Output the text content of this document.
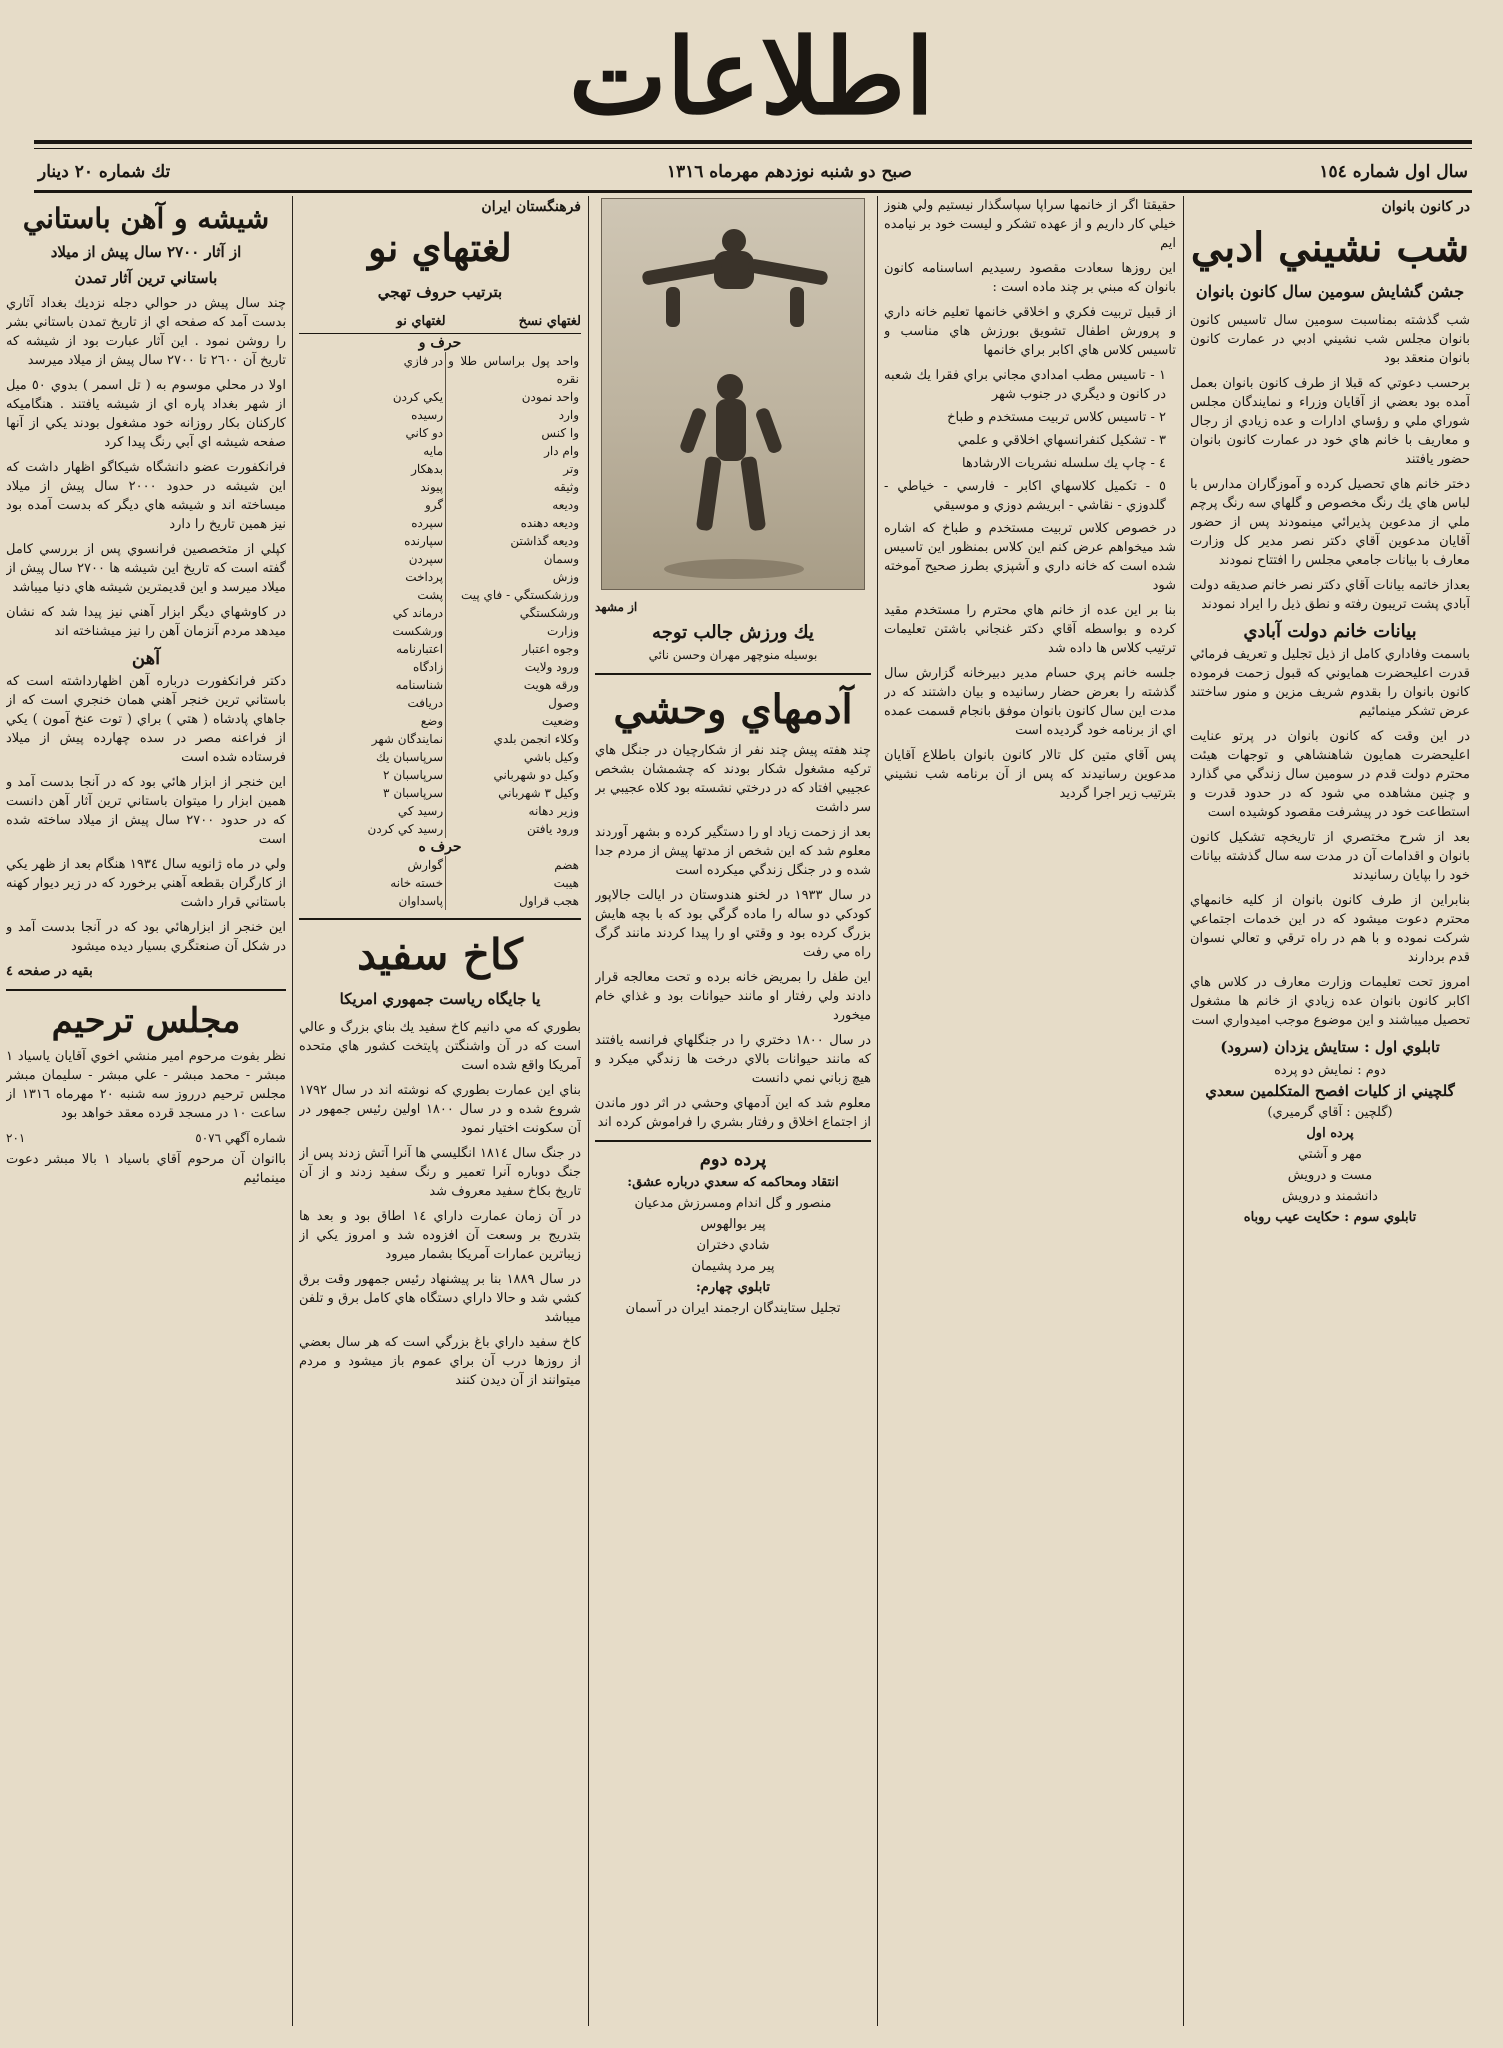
اطلاعات
سال اول شماره ١٥٤
صبح دو شنبه نوزدهم مهرماه ١٣١٦
تك شماره ٢٠ دينار
در كانون بانوان
شب نشيني ادبي
جشن گشايش سومين سال كانون بانوان

شب گذشته بمناسبت سومين سال تاسيس كانون بانوان مجلس شب نشيني ادبي در عمارت كانون بانوان منعقد بود

برحسب دعوتي كه قبلا از طرف كانون بانوان بعمل آمده بود بعضي از آقايان وزراء و نمايندگان مجلس شوراي ملي و رؤساي ادارات و عده زيادي از رجال و معاريف با خانم هاي خود در عمارت كانون بانوان حضور يافتند

دختر خانم هاي تحصيل كرده و آموزگاران مدارس با لباس هاي يك رنگ مخصوص و گلهاي سه رنگ پرچم ملي از مدعوين پذيرائي مينمودند پس از حضور آقايان مدعوين آقاي دكتر نصر مدير كل وزارت معارف با بيانات جامعي مجلس را افتتاح نمودند

بعداز خاتمه بيانات آقاي دكتر نصر خانم صديقه دولت آبادي پشت تريبون رفته و نطق ذيل را ايراد نمودند

بيانات خانم دولت آبادي

باسمت وفاداري كامل از ذيل تجليل و تعريف فرمائي قدرت اعليحضرت همايوني كه قبول زحمت فرموده كانون بانوان را بقدوم شريف مزين و منور ساختند عرض تشكر مينمائيم

در اين وقت كه كانون بانوان در پرتو عنايت اعليحضرت همايون شاهنشاهي و توجهات هيئت محترم دولت قدم در سومين سال زندگي مي گذارد و چنين مشاهده مي شود كه در حدود قدرت و استطاعت خود در پيشرفت مقصود كوشيده است

بعد از شرح مختصري از تاريخچه تشكيل كانون بانوان و اقدامات آن در مدت سه سال گذشته بيانات خود را بپايان رسانيدند

بنابراين از طرف كانون بانوان از كليه خانمهاي محترم دعوت ميشود كه در اين خدمات اجتماعي شركت نموده و با هم در راه ترقي و تعالي نسوان قدم بردارند

امروز تحت تعليمات وزارت معارف در كلاس هاي اكابر كانون بانوان عده زيادي از خانم ها مشغول تحصيل ميباشند و اين موضوع موجب اميدواري است

تابلوي اول : ستايش يزدان (سرود)
دوم : نمايش دو پرده
گلچيني از كليات افصح المتكلمين سعدي
(گلچين : آقاي گرميري)
پرده اول
مهر و آشتي
مست و درويش
دانشمند و درويش
تابلوي سوم : حكايت عيب روباه

حقيقتا اگر از خانمها سراپا سپاسگذار نيستيم ولي هنوز خيلي كار داريم و از عهده تشكر و ليست خود بر نيامده ايم

اين روزها سعادت مقصود رسيديم اساسنامه كانون بانوان كه مبني بر چند ماده است :

از قبيل تربيت فكري و اخلاقي خانمها تعليم خانه داري و پرورش اطفال تشويق بورزش هاي مناسب و تاسيس كلاس هاي اكابر براي خانمها

١ - تاسيس مطب امدادي مجاني براي فقرا يك شعبه در كانون و ديگري در جنوب شهر
٢ - تاسيس كلاس تربيت مستخدم و طباخ
٣ - تشكيل كنفرانسهاي اخلاقي و علمي
٤ - چاپ يك سلسله نشريات الارشادها
٥ - تكميل كلاسهاي اكابر - فارسي - خياطي - گلدوزي - نقاشي - ابريشم دوزي و موسيقي

در خصوص كلاس تربيت مستخدم و طباخ كه اشاره شد ميخواهم عرض كنم اين كلاس بمنظور اين تاسيس شده است كه خانه داري و آشپزي بطرز صحيح آموخته شود

بنا بر اين عده از خانم هاي محترم را مستخدم مقيد كرده و بواسطه آقاي دكتر غنجاني باشتن تعليمات ترتيب كلاس ها داده شد

جلسه خانم پري حسام مدير دبيرخانه گزارش سال گذشته را بعرض حضار رسانيده و بيان داشتند كه در مدت اين سال كانون بانوان موفق بانجام قسمت عمده اي از برنامه خود گرديده است

پس آقاي متين كل تالار كانون بانوان باطلاع آقايان مدعوين رسانيدند كه پس از آن برنامه شب نشيني بترتيب زير اجرا گرديد

از مشهد
يك ورزش جالب توجه
بوسيله منوچهر مهران وحسن نائي
آدمهاي وحشي

چند هفته پيش چند نفر از شكارچيان در جنگل هاي تركيه مشغول شكار بودند كه چشمشان بشخص عجيبي افتاد كه در درختي نشسته بود كلاه عجيبي بر سر داشت

بعد از زحمت زياد او را دستگير كرده و بشهر آوردند معلوم شد كه اين شخص از مدتها پيش از مردم جدا شده و در جنگل زندگي ميكرده است

در سال ١٩٣٣ در لخنو هندوستان در ايالت جالاپور كودكي دو ساله را ماده گرگي بود كه با بچه هايش بزرگ كرده بود و وقتي او را پيدا كردند مانند گرگ راه مي رفت

اين طفل را بمريض خانه برده و تحت معالجه قرار دادند ولي رفتار او مانند حيوانات بود و غذاي خام ميخورد

در سال ١٨٠٠ دختري را در جنگلهاي فرانسه يافتند كه مانند حيوانات بالاي درخت ها زندگي ميكرد و هيچ زباني نمي دانست

معلوم شد كه اين آدمهاي وحشي در اثر دور ماندن از اجتماع اخلاق و رفتار بشري را فراموش كرده اند

پرده دوم
انتقاد ومحاكمه كه سعدي درباره عشق:
منصور و گل اندام ومسرزش مدعيان
پير بوالهوس
شادي دختران
پير مرد پشيمان
تابلوي چهارم:
تجليل ستايندگان ارجمند ايران در آسمان
فرهنگستان ايران
لغتهاي نو
بترتيب حروف تهجي
لغتهاي نسخ	لغتهاي نو
حرف و	
واحد پول براساس طلا و نقره	در فازي
واحد نمودن	يكي كردن
وارد	رسيده
وا كنس	دو كاني
وام دار	مايه
وتر	بدهكار
وثيقه	پيوند
وديعه	گرو
وديعه دهنده	سپرده
وديعه گذاشتن	سپارنده
وسمان	سپردن
وزش	پرداخت
ورزشكستگي - فاي پيت	پشت
ورشكستگي	درماند كي
وزارت	ورشكست
وجوه اعتبار	اعتبارنامه
ورود ولايت	زادگاه
ورقه هويت	شناسنامه
وصول	دريافت
وضعيت	وضع
وكلاء انجمن بلدي	نمايندگان شهر
وكيل باشي	سرپاسبان يك
وكيل دو شهرباني	سرپاسبان ٢
وكيل ٣ شهرباني	سرپاسبان ٣
وزير دهانه	رسيد كي
ورود يافتن	رسيد كي كردن
حرف ه	
هضم	گوارش
هيبت	خسته خانه
هجب قراول	پاسداوان
كاخ سفيد
يا جايگاه رياست جمهوري امريكا

بطوري كه مي دانيم كاخ سفيد يك بناي بزرگ و عالي است كه در آن واشنگتن پايتخت كشور هاي متحده آمريكا واقع شده است

بناي اين عمارت بطوري كه نوشته اند در سال ١٧٩٢ شروع شده و در سال ١٨٠٠ اولين رئيس جمهور در آن سكونت اختيار نمود

در جنگ سال ١٨١٤ انگليسي ها آنرا آتش زدند پس از جنگ دوباره آنرا تعمير و رنگ سفيد زدند و از آن تاريخ بكاخ سفيد معروف شد

در آن زمان عمارت داراي ١٤ اطاق بود و بعد ها بتدريج بر وسعت آن افزوده شد و امروز يكي از زيباترين عمارات آمريكا بشمار ميرود

در سال ١٨٨٩ بنا بر پيشنهاد رئيس جمهور وقت برق كشي شد و حالا داراي دستگاه هاي كامل برق و تلفن ميباشد

كاخ سفيد داراي باغ بزرگي است كه هر سال بعضي از روزها درب آن براي عموم باز ميشود و مردم ميتوانند از آن ديدن كنند

شيشه و آهن باستاني
از آثار ٢٧٠٠ سال پيش از ميلاد
باستاني ترين آثار تمدن

چند سال پيش در حوالي دجله نزديك بغداد آثاري بدست آمد كه صفحه اي از تاريخ تمدن باستاني بشر را روشن نمود . اين آثار عبارت بود از شيشه كه تاريخ آن ٢٦٠٠ تا ٢٧٠٠ سال پيش از ميلاد ميرسد

اولا در محلي موسوم به ( تل اسمر ) بدوي ٥٠ ميل از شهر بغداد پاره اي از شيشه يافتند . هنگاميكه كاركنان بكار روزانه خود مشغول بودند يكي از آنها صفحه شيشه اي آبي رنگ پيدا كرد

فرانكفورت عضو دانشگاه شيكاگو اظهار داشت كه اين شيشه در حدود ٢٠٠٠ سال پيش از ميلاد ميساخته اند و شيشه هاي ديگر كه بدست آمده بود نيز همين تاريخ را دارد

كپلي از متخصصين فرانسوي پس از بررسي كامل گفته است كه تاريخ اين شيشه ها ٢٧٠٠ سال پيش از ميلاد ميرسد و اين قديمترين شيشه هاي دنيا ميباشد

در كاوشهاي ديگر ابزار آهني نيز پيدا شد كه نشان ميدهد مردم آنزمان آهن را نيز ميشناخته اند

آهن

دكتر فرانكفورت درباره آهن اظهارداشته است كه باستاني ترين خنجر آهني همان خنجري است كه از جاهاي پادشاه ( هتي ) براي ( توت عنخ آمون ) يكي از فراعنه مصر در سده چهارده پيش از ميلاد فرستاده شده است

اين خنجر از ابزار هائي بود كه در آنجا بدست آمد و همين ابزار را ميتوان باستاني ترين آثار آهن دانست كه در حدود ٢٧٠٠ سال پيش از ميلاد ساخته شده است

ولي در ماه ژانويه سال ١٩٣٤ هنگام بعد از ظهر يكي از كارگران بقطعه آهني برخورد كه در زير ديوار كهنه باستاني قرار داشت

اين خنجر از ابزارهائي بود كه در آنجا بدست آمد و در شكل آن صنعتگري بسيار ديده ميشود

بقيه در صفحه ٤
مجلس ترحيم

نظر بفوت مرحوم امير منشي اخوي آقايان ياسياد ۱ مبشر - محمد مبشر - علي مبشر - سليمان مبشر مجلس ترحيم درروز سه شنبه ٢٠ مهرماه ١٣١٦ از ساعت ١٠ در مسجد قرده معقد خواهد بود

شماره آگهي ٥٠٧٦
٢٠١

باانوان آن مرحوم آقاي باسياد ١ بالا مبشر دعوت مينمائيم
